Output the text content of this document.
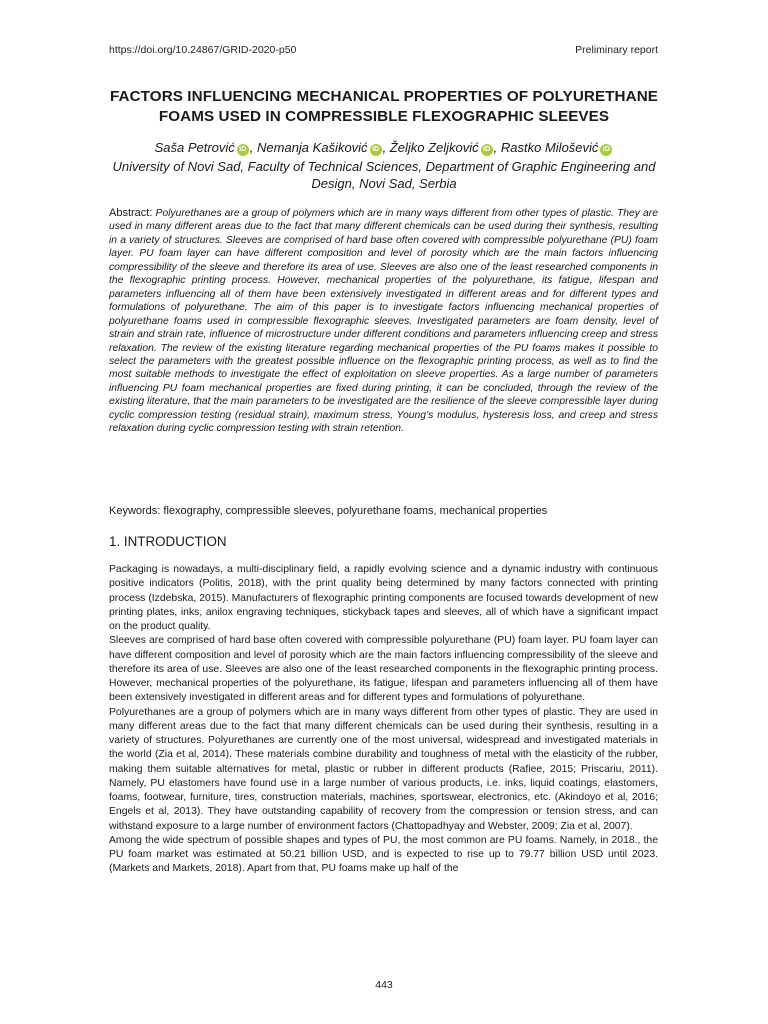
https://doi.org/10.24867/GRID-2020-p50	Preliminary report
FACTORS INFLUENCING MECHANICAL PROPERTIES OF POLYURETHANE FOAMS USED IN COMPRESSIBLE FLEXOGRAPHIC SLEEVES
Saša Petrović iD , Nemanja Kašiković iD , Željko Zeljković iD , Rastko Milošević iD
University of Novi Sad, Faculty of Technical Sciences, Department of Graphic Engineering and Design, Novi Sad, Serbia
Abstract: Polyurethanes are a group of polymers which are in many ways different from other types of plastic. They are used in many different areas due to the fact that many different chemicals can be used during their synthesis, resulting in a variety of structures. Sleeves are comprised of hard base often covered with compressible polyurethane (PU) foam layer. PU foam layer can have different composition and level of porosity which are the main factors influencing compressibility of the sleeve and therefore its area of use. Sleeves are also one of the least researched components in the flexographic printing process. However, mechanical properties of the polyurethane, its fatigue, lifespan and parameters influencing all of them have been extensively investigated in different areas and for different types and formulations of polyurethane. The aim of this paper is to investigate factors influencing mechanical properties of polyurethane foams used in compressible flexographic sleeves. Investigated parameters are foam density, level of strain and strain rate, influence of microstructure under different conditions and parameters influencing creep and stress relaxation. The review of the existing literature regarding mechanical properties of the PU foams makes it possible to select the parameters with the greatest possible influence on the flexographic printing process, as well as to find the most suitable methods to investigate the effect of exploitation on sleeve properties. As a large number of parameters influencing PU foam mechanical properties are fixed during printing, it can be concluded, through the review of the existing literature, that the main parameters to be investigated are the resilience of the sleeve compressible layer during cyclic compression testing (residual strain), maximum stress, Young’s modulus, hysteresis loss, and creep and stress relaxation during cyclic compression testing with strain retention.
Keywords: flexography, compressible sleeves, polyurethane foams, mechanical properties
1. INTRODUCTION

Packaging is nowadays, a multi-disciplinary field, a rapidly evolving science and a dynamic industry with continuous positive indicators (Politis, 2018), with the print quality being determined by many factors connected with printing process (Izdebska, 2015). Manufacturers of flexographic printing components are focused towards development of new printing plates, inks, anilox engraving techniques, stickyback tapes and sleeves, all of which have a significant impact on the product quality.

Sleeves are comprised of hard base often covered with compressible polyurethane (PU) foam layer. PU foam layer can have different composition and level of porosity which are the main factors influencing compressibility of the sleeve and therefore its area of use. Sleeves are also one of the least researched components in the flexographic printing process. However, mechanical properties of the polyurethane, its fatigue, lifespan and parameters influencing all of them have been extensively investigated in different areas and for different types and formulations of polyurethane.

Polyurethanes are a group of polymers which are in many ways different from other types of plastic. They are used in many different areas due to the fact that many different chemicals can be used during their synthesis, resulting in a variety of structures. Polyurethanes are currently one of the most universal, widespread and investigated materials in the world (Zia et al, 2014). These materials combine durability and toughness of metal with the elasticity of the rubber, making them suitable alternatives for metal, plastic or rubber in different products (Rafiee, 2015; Priscariu, 2011). Namely, PU elastomers have found use in a large number of various products, i.e. inks, liquid coatings, elastomers, foams, footwear, furniture, tires, construction materials, machines, sportswear, electronics, etc. (Akindoyo et al, 2016; Engels et al, 2013). They have outstanding capability of recovery from the compression or tension stress, and can withstand exposure to a large number of environment factors (Chattopadhyay and Webster, 2009; Zia et al, 2007).

Among the wide spectrum of possible shapes and types of PU, the most common are PU foams. Namely, in 2018., the PU foam market was estimated at 50.21 billion USD, and is expected to rise up to 79.77 billion USD until 2023. (Markets and Markets, 2018). Apart from that, PU foams make up half of the

443
